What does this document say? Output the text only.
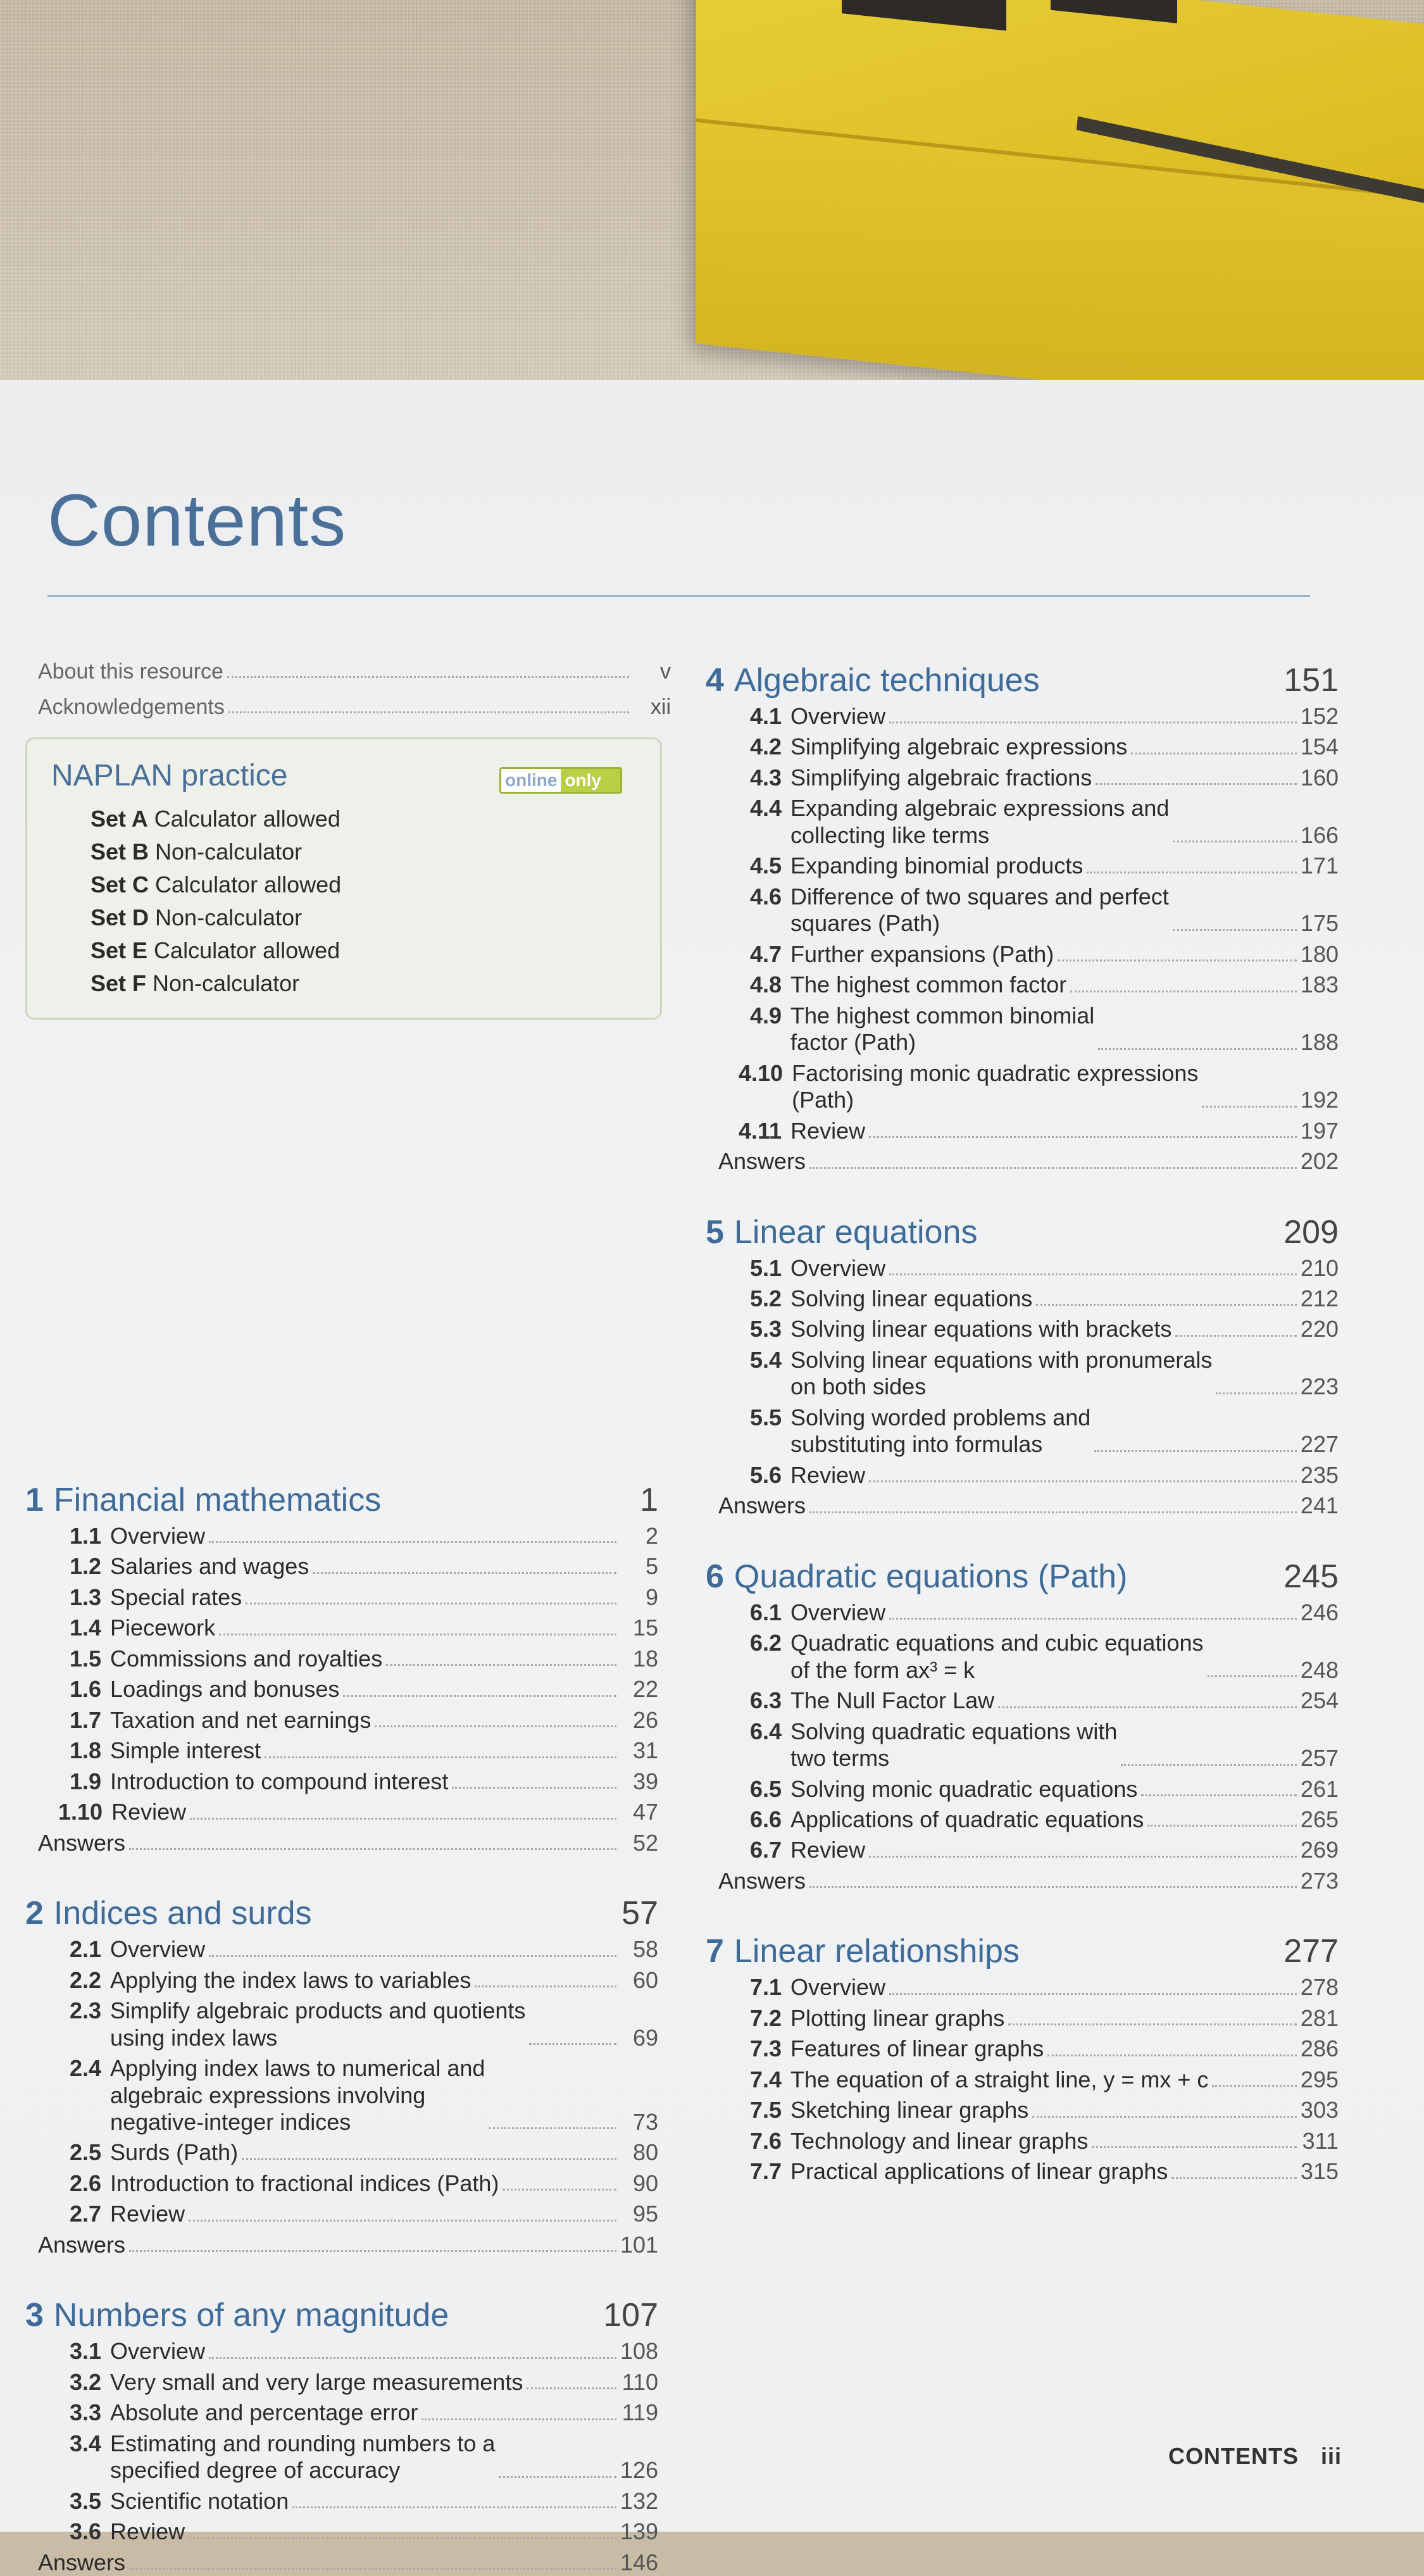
Contents
About this resource	v
Acknowledgements	xii
NAPLAN practice	online only
Set A Calculator allowed
Set B Non-calculator
Set C Calculator allowed
Set D Non-calculator
Set E Calculator allowed
Set F Non-calculator
1 Financial mathematics	1
1.1 Overview	2
1.2 Salaries and wages	5
1.3 Special rates	9
1.4 Piecework	15
1.5 Commissions and royalties	18
1.6 Loadings and bonuses	22
1.7 Taxation and net earnings	26
1.8 Simple interest	31
1.9 Introduction to compound interest	39
1.10 Review	47
Answers	52
2 Indices and surds	57
2.1 Overview	58
2.2 Applying the index laws to variables	60
2.3 Simplify algebraic products and quotients
using index laws	69
2.4 Applying index laws to numerical and
algebraic expressions involving
negative-integer indices	73
2.5 Surds (Path)	80
2.6 Introduction to fractional indices (Path)	90
2.7 Review	95
Answers	101
3 Numbers of any magnitude	107
3.1 Overview	108
3.2 Very small and very large measurements	110
3.3 Absolute and percentage error	119
3.4 Estimating and rounding numbers to a
specified degree of accuracy	126
3.5 Scientific notation	132
3.6 Review	139
Answers	146
4 Algebraic techniques	151
4.1 Overview	152
4.2 Simplifying algebraic expressions	154
4.3 Simplifying algebraic fractions	160
4.4 Expanding algebraic expressions and
collecting like terms	166
4.5 Expanding binomial products	171
4.6 Difference of two squares and perfect
squares (Path)	175
4.7 Further expansions (Path)	180
4.8 The highest common factor	183
4.9 The highest common binomial
factor (Path)	188
4.10 Factorising monic quadratic expressions
(Path)	192
4.11 Review	197
Answers	202
5 Linear equations	209
5.1 Overview	210
5.2 Solving linear equations	212
5.3 Solving linear equations with brackets	220
5.4 Solving linear equations with pronumerals
on both sides	223
5.5 Solving worded problems and
substituting into formulas	227
5.6 Review	235
Answers	241
6 Quadratic equations (Path)	245
6.1 Overview	246
6.2 Quadratic equations and cubic equations
of the form ax³ = k	248
6.3 The Null Factor Law	254
6.4 Solving quadratic equations with
two terms	257
6.5 Solving monic quadratic equations	261
6.6 Applications of quadratic equations	265
6.7 Review	269
Answers	273
7 Linear relationships	277
7.1 Overview	278
7.2 Plotting linear graphs	281
7.3 Features of linear graphs	286
7.4 The equation of a straight line, y = mx + c	295
7.5 Sketching linear graphs	303
7.6 Technology and linear graphs	311
7.7 Practical applications of linear graphs	315
CONTENTS iii
